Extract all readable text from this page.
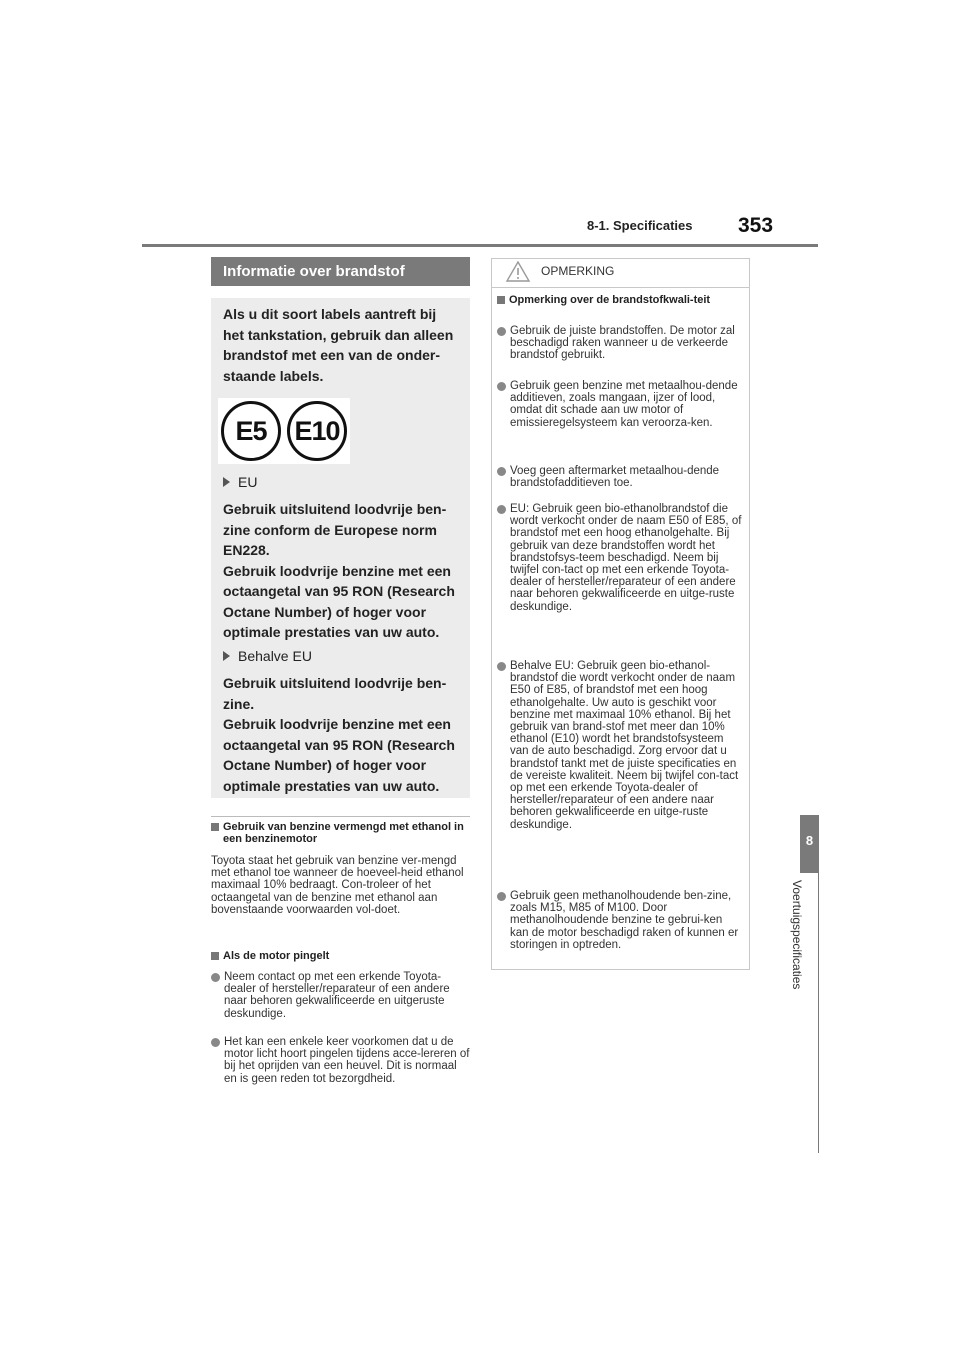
8-1. Specificaties 353
8
Voertuigspecificaties
Informatie over brandstof

Als u dit soort labels aantreft bij het tankstation, gebruik dan alleen brandstof met een van de onder-staande labels.

E5	E10
EU

Gebruik uitsluitend loodvrije ben-zine conform de Europese norm EN228.

Gebruik loodvrije benzine met een octaangetal van 95 RON (Research Octane Number) of hoger voor optimale prestaties van uw auto.

Behalve EU

Gebruik uitsluitend loodvrije ben-zine.

Gebruik loodvrije benzine met een octaangetal van 95 RON (Research Octane Number) of hoger voor optimale prestaties van uw auto.

Gebruik van benzine vermengd met ethanol in een benzinemotor
Toyota staat het gebruik van benzine ver-mengd met ethanol toe wanneer de hoeveel-heid ethanol maximaal 10% bedraagt. Con-troleer of het octaangetal van de benzine met ethanol aan bovenstaande voorwaarden vol-doet.
Als de motor pingelt
Neem contact op met een erkende Toyota-dealer of hersteller/reparateur of een andere naar behoren gekwalificeerde en uitgeruste deskundige.
Het kan een enkele keer voorkomen dat u de motor licht hoort pingelen tijdens acce-lereren of bij het oprijden van een heuvel. Dit is normaal en is geen reden tot bezorgdheid.
OPMERKING
Opmerking over de brandstofkwali-teit
Gebruik de juiste brandstoffen. De motor zal beschadigd raken wanneer u de verkeerde brandstof gebruikt.
Gebruik geen benzine met metaalhou-dende additieven, zoals mangaan, ijzer of lood, omdat dit schade aan uw motor of emissieregelsysteem kan veroorza-ken.
Voeg geen aftermarket metaalhou-dende brandstofadditieven toe.
EU: Gebruik geen bio-ethanolbrandstof die wordt verkocht onder de naam E50 of E85, of brandstof met een hoog ethanolgehalte. Bij gebruik van deze brandstoffen wordt het brandstofsys-teem beschadigd. Neem bij twijfel con-tact op met een erkende Toyota-dealer of hersteller/reparateur of een andere naar behoren gekwalificeerde en uitge-ruste deskundige.
Behalve EU: Gebruik geen bio-ethanol-brandstof die wordt verkocht onder de naam E50 of E85, of brandstof met een hoog ethanolgehalte. Uw auto is geschikt voor benzine met maximaal 10% ethanol. Bij het gebruik van brand-stof met meer dan 10% ethanol (E10) wordt het brandstofsysteem van de auto beschadigd. Zorg ervoor dat u brandstof tankt met de juiste specificaties en de vereiste kwaliteit. Neem bij twijfel con-tact op met een erkende Toyota-dealer of hersteller/reparateur of een andere naar behoren gekwalificeerde en uitge-ruste deskundige.
Gebruik geen methanolhoudende ben-zine, zoals M15, M85 of M100. Door methanolhoudende benzine te gebrui-ken kan de motor beschadigd raken of kunnen er storingen in optreden.
